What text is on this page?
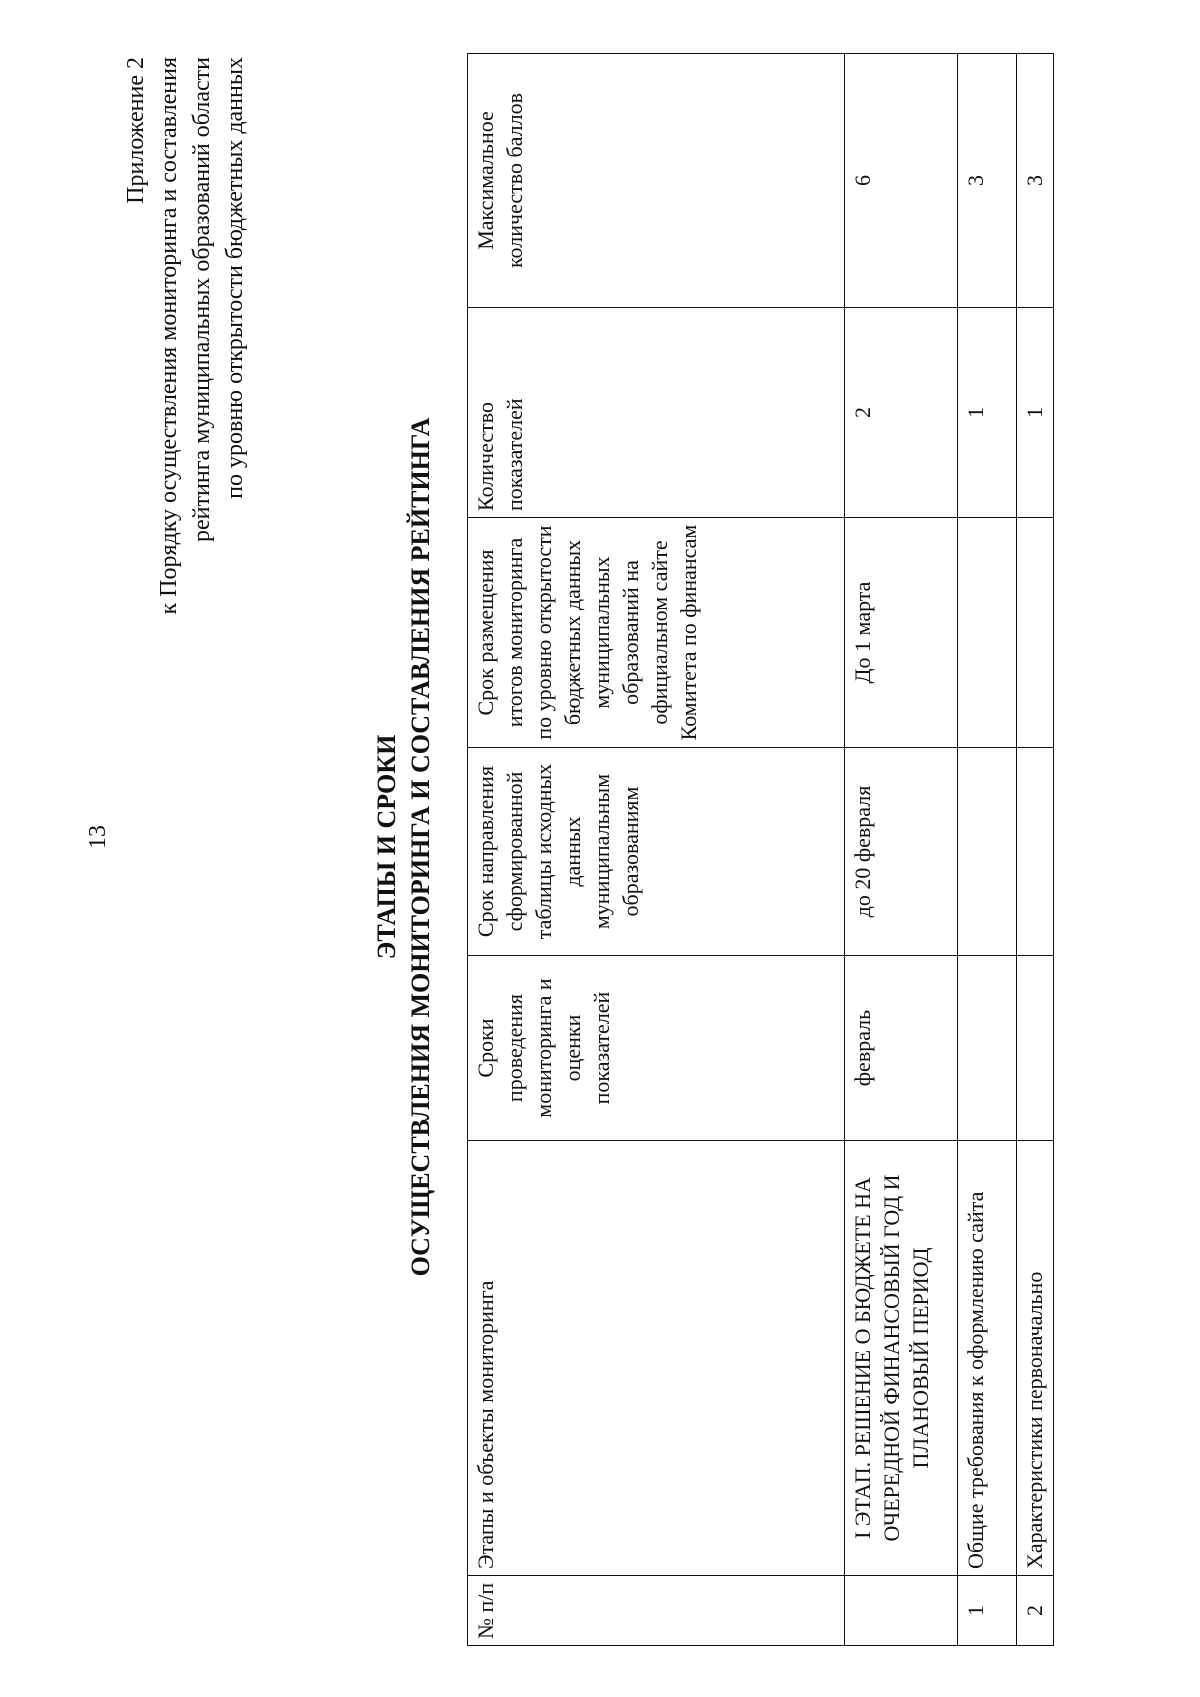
13
Приложение 2 к Порядку осуществления мониторинга и составления рейтинга муниципальных образований области по уровню открытости бюджетных данных
ЭТАПЫ И СРОКИ ОСУЩЕСТВЛЕНИЯ МОНИТОРИНГА И СОСТАВЛЕНИЯ РЕЙТИНГА
№ п/п	Этапы и объекты мониторинга	Сроки проведения мониторинга и оценки показателей	Срок направления сформированной таблицы исходных данных муниципальным образованиям	Срок размещения итогов мониторинга по уровню открытости бюджетных данных муниципальных образований на официальном сайте Комитета по финансам	Количество показателей	Максимальное количество баллов
	I ЭТАП. РЕШЕНИЕ О БЮДЖЕТЕ НА ОЧЕРЕДНОЙ ФИНАНСОВЫЙ ГОД И ПЛАНОВЫЙ ПЕРИОД	февраль	до 20 февраля	До 1 марта	2	6
1	Общие требования к оформлению сайта				1	3
2	Характеристики первоначально				1	3
